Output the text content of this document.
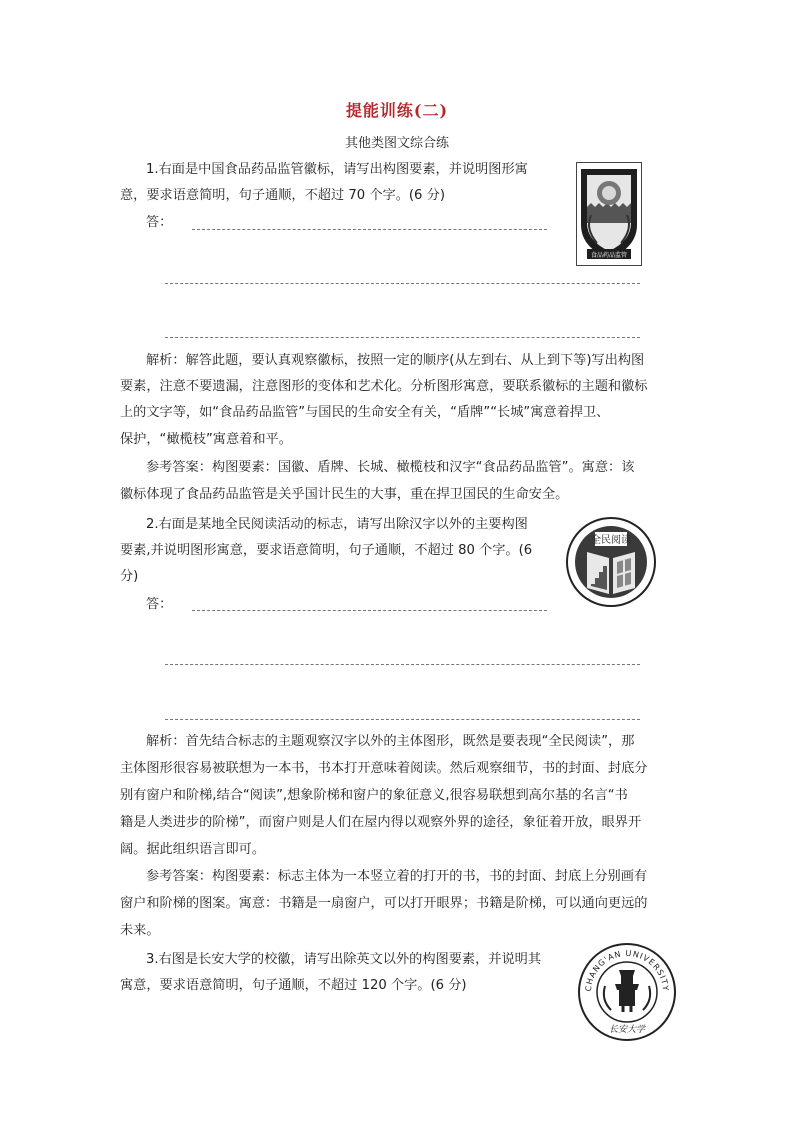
提能训练(二)
其他类图文综合练
1.右面是中国食品药品监管徽标，请写出构图要素，并说明图形寓
意，要求语意简明，句子通顺，不超过 70 个字。(6 分)
答：
食品药品监管
解析：解答此题，要认真观察徽标，按照一定的顺序(从左到右、从上到下等)写出构图
要素，注意不要遗漏，注意图形的变体和艺术化。分析图形寓意，要联系徽标的主题和徽标
上的文字等，如“食品药品监管”与国民的生命安全有关，“盾牌”“长城”寓意着捍卫、
保护，“橄榄枝”寓意着和平。
参考答案：构图要素：国徽、盾牌、长城、橄榄枝和汉字“食品药品监管”。寓意：该
徽标体现了食品药品监管是关乎国计民生的大事，重在捍卫国民的生命安全。
2.右面是某地全民阅读活动的标志，请写出除汉字以外的主要构图
要素,并说明图形寓意，要求语意简明，句子通顺，不超过 80 个字。(6
分)
答：
全民阅读
解析：首先结合标志的主题观察汉字以外的主体图形，既然是要表现“全民阅读”，那
主体图形很容易被联想为一本书，书本打开意味着阅读。然后观察细节，书的封面、封底分
别有窗户和阶梯,结合“阅读”,想象阶梯和窗户的象征意义,很容易联想到高尔基的名言“书
籍是人类进步的阶梯”，而窗户则是人们在屋内得以观察外界的途径，象征着开放，眼界开
阔。据此组织语言即可。
参考答案：构图要素：标志主体为一本竖立着的打开的书，书的封面、封底上分别画有
窗户和阶梯的图案。寓意：书籍是一扇窗户，可以打开眼界；书籍是阶梯，可以通向更远的
未来。
3.右图是长安大学的校徽，请写出除英文以外的构图要素，并说明其
寓意，要求语意简明，句子通顺，不超过 120 个字。(6 分)	CHANG'AN UNIVERSITY
长安大学
